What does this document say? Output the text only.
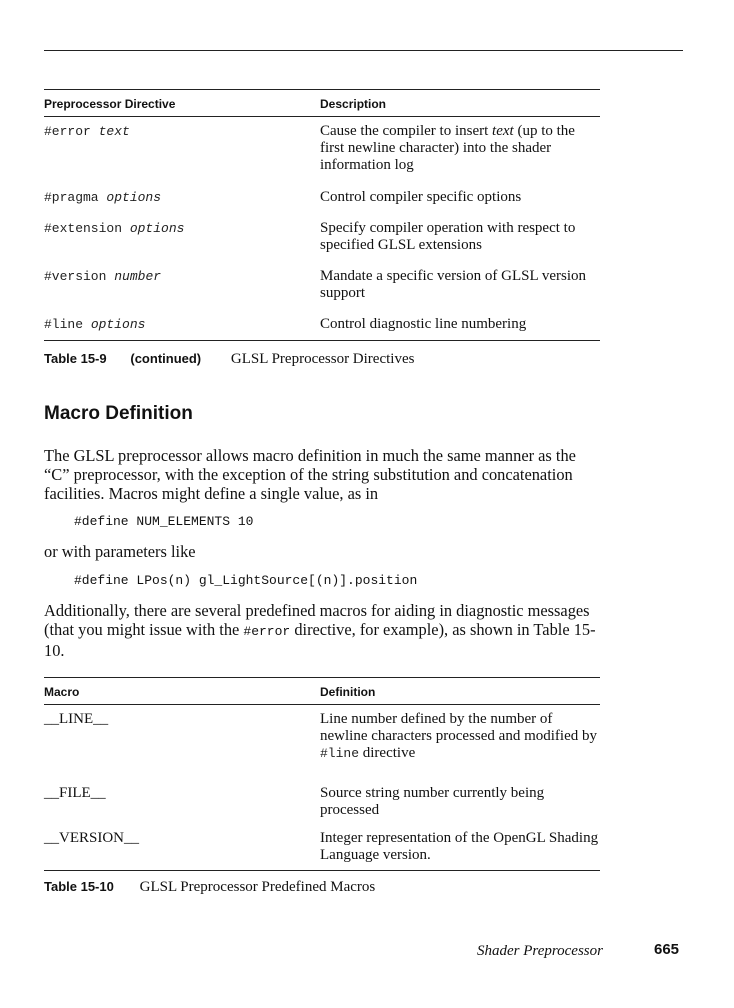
Preprocessor Directive	Description
#error text	Cause the compiler to insert text (up to the first newline character) into the shader information log
#pragma options	Control compiler specific options
#extension options	Specify compiler operation with respect to specified GLSL extensions
#version number	Mandate a specific version of GLSL version support
#line options	Control diagnostic line numbering
Table 15-9 (continued) GLSL Preprocessor Directives
Macro Definition

The GLSL preprocessor allows macro definition in much the same manner as the “C” preprocessor, with the exception of the string substitution and concatenation facilities. Macros might define a single value, as in

#define NUM_ELEMENTS 10

or with parameters like

#define LPos(n) gl_LightSource[(n)].position

Additionally, there are several predefined macros for aiding in diagnostic messages (that you might issue with the #error directive, for example), as shown in Table 15-10.

Macro	Definition
__LINE__	Line number defined by the number of newline characters processed and modified by #line directive
__FILE__	Source string number currently being processed
__VERSION__	Integer representation of the OpenGL Shading Language version.
Table 15-10 GLSL Preprocessor Predefined Macros
Shader Preprocessor	665
